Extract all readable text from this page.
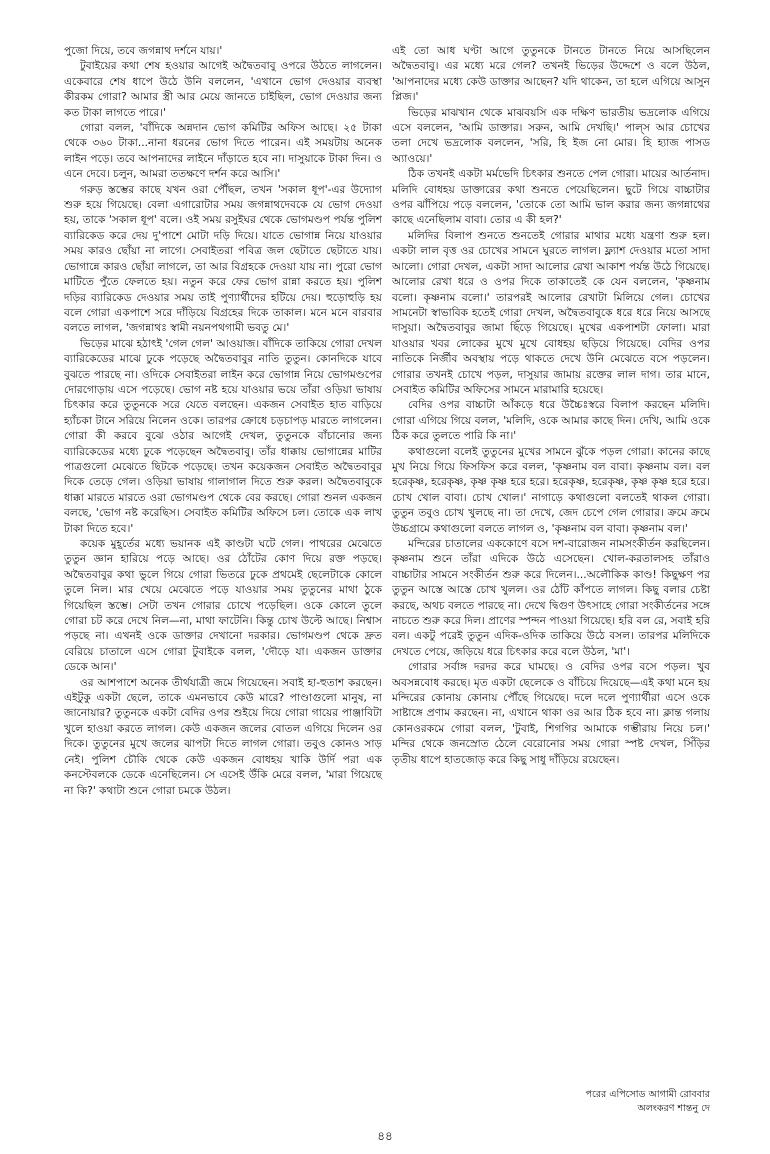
পুজো দিয়ে, তবে জগন্নাথ দর্শনে যায়।'

টুবাইয়ের কথা শেষ হওয়ার আগেই অদ্বৈতবাবু ওপরে উঠতে লাগলেন। একেবারে শেষ ধাপে উঠে উনি বললেন, 'এখানে ভোগ দেওয়ার ব্যবস্থা কীরকম গোরা? আমার স্ত্রী আর মেয়ে জানতে চাইছিল, ভোগ দেওয়ার জন্য কত টাকা লাগতে পারে।'

গোরা বলল, 'বাঁদিকে অন্নদান ভোগ কমিটির অফিস আছে। ২৫ টাকা থেকে ৩৬০ টাকা...নানা ধরনের ভোগ দিতে পারেন। এই সময়টায় অনেক লাইন পড়ে। তবে আপনাদের লাইনে দাঁড়াতে হবে না। দাসুয়াকে টাকা দিন। ও এনে দেবে। চলুন, আমরা ততক্ষণে দর্শন করে আসি।'

গরুড় স্তম্ভের কাছে যখন ওরা পৌঁছল, তখন 'সকাল ধূপ'-এর উদ্যোগ শুরু হয়ে গিয়েছে। বেলা এগারোটার সময় জগন্নাথদেবকে যে ভোগ দেওয়া হয়, তাকে 'সকাল ধূপ' বলে। ওই সময় রসুইঘর থেকে ভোগমণ্ডপ পর্যন্ত পুলিশ ব্যারিকেড করে দেয় দু'পাশে মোটা দড়ি দিয়ে। যাতে ভোগান্ন নিয়ে যাওয়ার সময় কারও ছোঁয়া না লাগে। সেবাইতরা পবিত্র জল ছেটাতে ছেটাতে যায়। ভোগান্নে কারও ছোঁয়া লাগলে, তা আর বিগ্রহকে দেওয়া যায় না। পুরো ভোগ মাটিতে পুঁতে ফেলতে হয়। নতুন করে ফের ভোগ রান্না করতে হয়। পুলিশ দড়ির ব্যারিকেড দেওয়ার সময় তাই পুণ্যার্থীদের হটিয়ে দেয়। হুড়োহুড়ি হয় বলে গোরা একপাশে সরে দাঁড়িয়ে বিগ্রহের দিকে তাকাল। মনে মনে বারবার বলতে লাগল, 'জগন্নাথঃ স্বামী নয়নপথগামী ভবতু মে।'

ভিড়ের মাঝে হঠাৎই 'গেল গেল' আওয়াজ। বাঁদিকে তাকিয়ে গোরা দেখল ব্যারিকেডের মাঝে ঢুকে পড়েছে অদ্বৈতবাবুর নাতি তুতুন। কোনদিকে যাবে বুঝতে পারছে না। ওদিকে সেবাইতরা লাইন করে ভোগান্ন নিয়ে ভোগমণ্ডপের দোরগোড়ায় এসে পড়েছে। ভোগ নষ্ট হয়ে যাওয়ার ভয়ে তাঁরা ওড়িয়া ভাষায় চিৎকার করে তুতুনকে সরে যেতে বলছেন। একজন সেবাইত হাত বাড়িয়ে হ্যাঁচকা টানে সরিয়ে নিলেন ওকে। তারপর ক্রোধে চড়চাপড় মারতে লাগলেন। গোরা কী করবে বুঝে ওঠার আগেই দেখল, তুতুনকে বাঁচানোর জন্য ব্যারিকেডের মধ্যে ঢুকে পড়েছেন অদ্বৈতবাবু। তাঁর ধাক্কায় ভোগান্নের মাটির পাত্রগুলো মেঝেতে ছিটকে পড়েছে। তখন কয়েকজন সেবাইত অদ্বৈতবাবুর দিকে তেড়ে গেল। ওড়িয়া ভাষায় গালাগাল দিতে শুরু করল। অদ্বৈতবাবুকে ধাক্কা মারতে মারতে ওরা ভোগমণ্ডপ থেকে বের করছে। গোরা শুনল একজন বলছে, 'ভোগ নষ্ট করেছিস। সেবাইত কমিটির অফিসে চল। তোকে এক লাখ টাকা দিতে হবে।'

কয়েক মুহূর্তের মধ্যে ভয়ানক এই কাণ্ডটা ঘটে গেল। পাথরের মেঝেতে তুতুন জ্ঞান হারিয়ে পড়ে আছে। ওর ঠোঁটের কোণ দিয়ে রক্ত পড়ছে। অদ্বৈতবাবুর কথা ভুলে গিয়ে গোরা ভিতরে ঢুকে প্রথমেই ছেলেটাকে কোলে তুলে নিল। মার খেয়ে মেঝেতে পড়ে যাওয়ার সময় তুতুনের মাথা ঠুকে গিয়েছিল স্তম্ভে। সেটা তখন গোরার চোখে পড়েছিল। ওকে কোলে তুলে গোরা চট করে দেখে নিল—না, মাথা ফাটেনি। কিন্তু চোখ উল্টে আছে। নিশ্বাস পড়ছে না। এখনই ওকে ডাক্তার দেখানো দরকার। ভোগমণ্ডপ থেকে দ্রুত বেরিয়ে চাতালে এসে গোরা টুবাইকে বলল, 'দৌড়ে যা। একজন ডাক্তার ডেকে আন।'

ওর আশপাশে অনেক তীর্থযাত্রী জমে গিয়েছেন। সবাই হা-হুতাশ করছেন। এইটুকু একটা ছেলে, তাকে এমনভাবে কেউ মারে? পাণ্ডাগুলো মানুষ, না জানোয়ার? তুতুনকে একটা বেদির ওপর শুইয়ে দিয়ে গোরা গায়ের পাঞ্জাবিটা খুলে হাওয়া করতে লাগল। কেউ একজন জলের বোতল এগিয়ে দিলেন ওর দিকে। তুতুনের মুখে জলের ঝাপটা দিতে লাগল গোরা। তবুও কোনও সাড় নেই। পুলিশ চৌকি থেকে কেউ একজন বোধহয় খাকি উর্দি পরা এক কনস্টেবলকে ডেকে এনেছিলেন। সে এসেই উঁকি মেরে বলল, 'মারা গিয়েছে না কি?' কথাটা শুনে গোরা চমকে উঠল।

এই তো আধ ঘণ্টা আগে তুতুনকে টানতে টানতে নিয়ে আসছিলেন অদ্বৈতবাবু। এর মধ্যে মরে গেল? তখনই ভিড়ের উদ্দেশে ও বলে উঠল, 'আপনাদের মধ্যে কেউ ডাক্তার আছেন? যদি থাকেন, তা হলে এগিয়ে আসুন প্লিজ।'

ভিড়ের মাঝখান থেকে মাঝবয়সি এক দক্ষিণ ভারতীয় ভদ্রলোক এগিয়ে এসে বললেন, 'আমি ডাক্তার। সরুন, আমি দেখছি।' পাল্‌স আর চোখের তলা দেখে ভদ্রলোক বললেন, 'সরি, হি ইজ নো মোর। হি হ্যাজ পাসড অ্যাওয়ে।'

ঠিক তখনই একটা মর্মভেদি চিৎকার শুনতে পেল গোরা। মায়ের আর্তনাদ। মলিদি বোধহয় ডাক্তারের কথা শুনতে পেয়েছিলেন। ছুটে গিয়ে বাচ্চাটার ওপর ঝাঁপিয়ে পড়ে বললেন, 'তোকে তো আমি ভাল করার জন্য জগন্নাথের কাছে এনেছিলাম বাবা। তোর এ কী হল?'

মলিদির বিলাপ শুনতে শুনতেই গোরার মাথার মধ্যে যন্ত্রণা শুরু হল। একটা লাল বৃত্ত ওর চোখের সামনে ঘুরতে লাগল। ফ্ল্যাশ দেওয়ার মতো সাদা আলো। গোরা দেখল, একটা সাদা আলোর রেখা আকাশ পর্যন্ত উঠে গিয়েছে। আলোর রেখা ধরে ও ওপর দিকে তাকাতেই কে যেন বললেন, 'কৃষ্ণনাম বলো। কৃষ্ণনাম বলো।' তারপরই আলোর রেখাটা মিলিয়ে গেল। চোখের সামনেটা স্বাভাবিক হতেই গোরা দেখল, অদ্বৈতবাবুকে ধরে ধরে নিয়ে আসছে দাসুয়া। অদ্বৈতবাবুর জামা ছিঁড়ে গিয়েছে। মুখের একপাশটা ফোলা। মারা যাওয়ার খবর লোকের মুখে মুখে বোধহয় ছড়িয়ে গিয়েছে। বেদির ওপর নাতিকে নির্জীব অবস্থায় পড়ে থাকতে দেখে উনি মেঝেতে বসে পড়লেন। গোরার তখনই চোখে পড়ল, দাসুয়ার জামায় রক্তের লাল দাগ। তার মানে, সেবাইত কমিটির অফিসের সামনে মারামারি হয়েছে।

বেদির ওপর বাচ্চাটা আঁকড়ে ধরে উচ্চৈঃস্বরে বিলাপ করছেন মলিদি। গোরা এগিয়ে গিয়ে বলল, 'মলিদি, ওকে আমার কাছে দিন। দেখি, আমি ওকে ঠিক করে তুলতে পারি কি না।'

কথাগুলো বলেই তুতুনের মুখের সামনে ঝুঁকে পড়ল গোরা। কানের কাছে মুখ নিয়ে গিয়ে ফিসফিস করে বলল, 'কৃষ্ণনাম বল বাবা। কৃষ্ণনাম বল। বল হরেকৃষ্ণ, হরেকৃষ্ণ, কৃষ্ণ কৃষ্ণ হরে হরে। হরেকৃষ্ণ, হরেকৃষ্ণ, কৃষ্ণ কৃষ্ণ হরে হরে। চোখ খোল বাবা। চোখ খোল।' নাগাড়ে কথাগুলো বলতেই থাকল গোরা। তুতুন তবুও চোখ খুলছে না। তা দেখে, জেদ চেপে গেল গোরার। ক্রমে ক্রমে উচ্চগ্রামে কথাগুলো বলতে লাগল ও, 'কৃষ্ণনাম বল বাবা। কৃষ্ণনাম বল।'

মন্দিরের চাতালের এককোণে বসে দশ-বারোজন নামসংকীর্তন করছিলেন। কৃষ্ণনাম শুনে তাঁরা এদিকে উঠে এসেছেন। খোল-করতালসহ তাঁরাও বাচ্চাটার সামনে সংকীর্তন শুরু করে দিলেন।...অলৌকিক কাণ্ড! কিছুক্ষণ পর তুতুন আস্তে আস্তে চোখ খুলল। ওর ঠোঁট কাঁপতে লাগল। কিছু বলার চেষ্টা করছে, অথচ বলতে পারছে না। দেখে দ্বিগুণ উৎসাহে গোরা সংকীর্তনের সঙ্গে নাচতে শুরু করে দিল। প্রাণের স্পন্দন পাওয়া গিয়েছে। হরি বল রে, সবাই হরি বল। একটু পরেই তুতুন এদিক-ওদিক তাকিয়ে উঠে বসল। তারপর মলিদিকে দেখতে পেয়ে, জড়িয়ে ধরে চিৎকার করে বলে উঠল, 'মা'।

গোরার সর্বাঙ্গ দরদর করে ঘামছে। ও বেদির ওপর বসে পড়ল। খুব অবসন্নবোধ করছে। মৃত একটা ছেলেকে ও বাঁচিয়ে দিয়েছে—এই কথা মনে হয় মন্দিরের কোনায় কোনায় পৌঁছে গিয়েছে। দলে দলে পুণ্যার্থীরা এসে ওকে সাষ্টাঙ্গে প্রণাম করছেন। না, এখানে থাকা ওর আর ঠিক হবে না। ক্লান্ত গলায় কোনওরকমে গোরা বলল, 'টুবাই, শিগগির আমাকে গম্ভীরায় নিয়ে চল।' মন্দির থেকে জনস্রোত ঠেলে বেরোনোর সময় গোরা স্পষ্ট দেখল, সিঁড়ির তৃতীয় ধাপে হাতজোড় করে কিছু সাধু দাঁড়িয়ে রয়েছেন।

পরের এপিসোড আগামী রোববার
অলংকরণ শান্তনু দে
৪৪
